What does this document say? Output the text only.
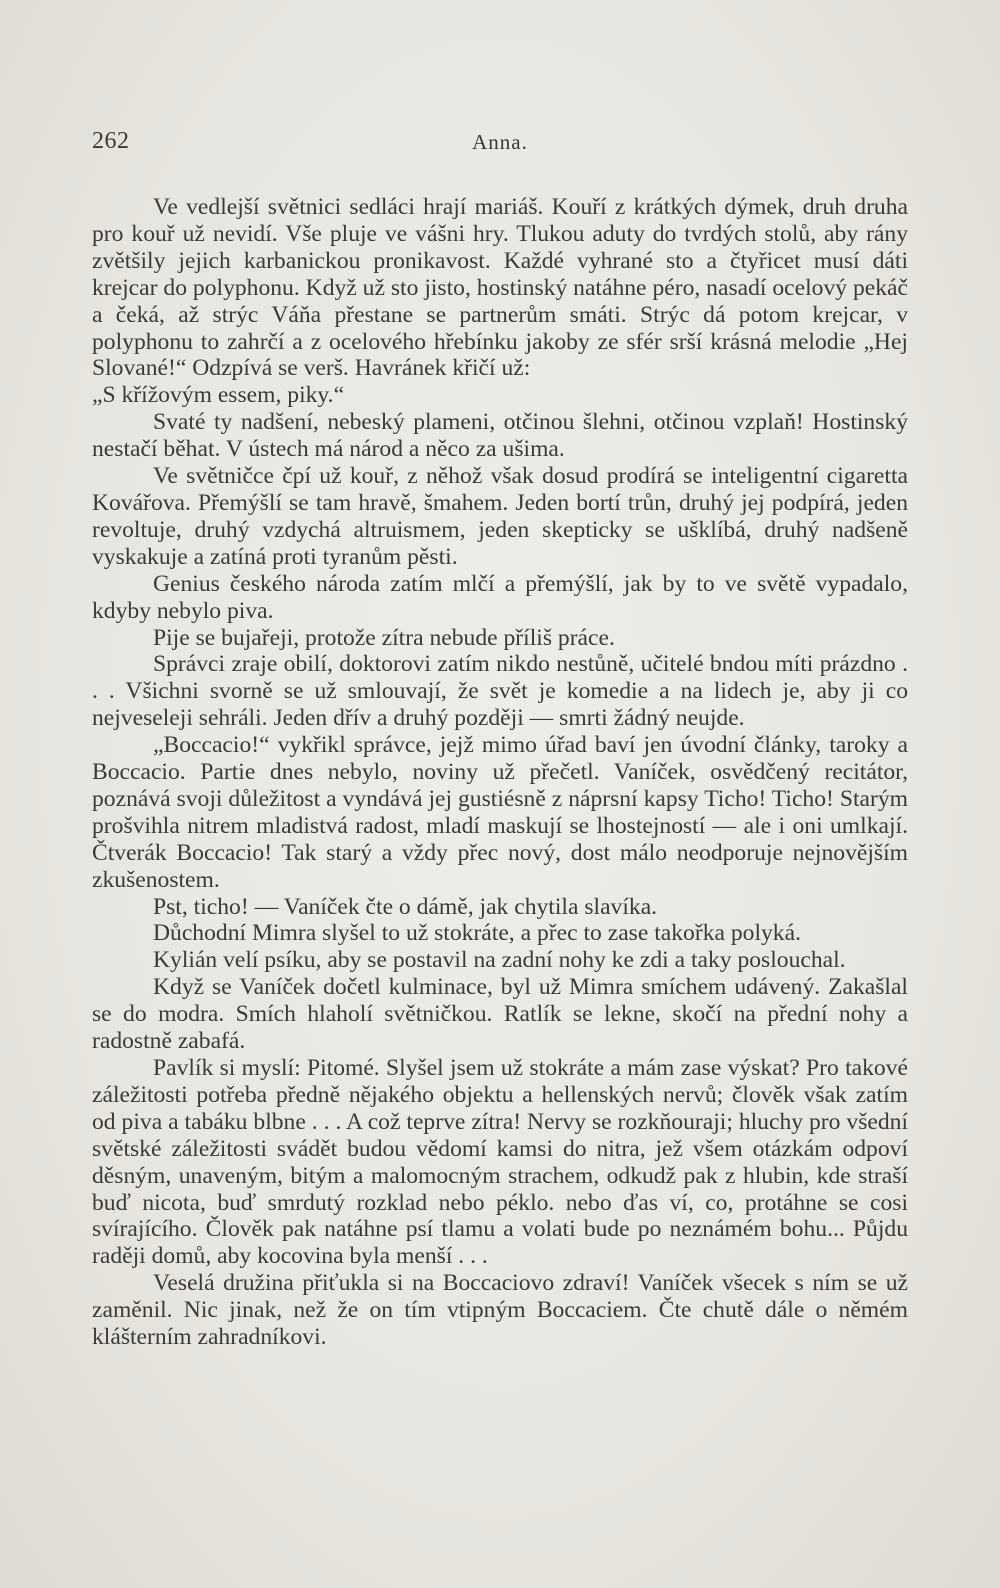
262	Anna.

Ve vedlejší světnici sedláci hrají mariáš. Kouří z krátkých dýmek, druh druha pro kouř už nevidí. Vše pluje ve vášni hry. Tlukou aduty do tvrdých stolů, aby rány zvětšily jejich karbanickou pronikavost. Každé vyhrané sto a čtyřicet musí dáti krejcar do polyphonu. Když už sto jisto, hostinský natáhne péro, nasadí ocelový pekáč a čeká, až strýc Váňa přestane se partnerům smáti. Strýc dá potom krejcar, v polyphonu to zahrčí a z ocelového hřebínku jakoby ze sfér srší krásná melodie „Hej Slované!“ Odzpívá se verš. Havránek křičí už:

„S křížovým essem, piky.“

Svaté ty nadšení, nebeský plameni, otčinou šlehni, otčinou vzplaň! Hostinský nestačí běhat. V ústech má národ a něco za ušima.

Ve světničce čpí už kouř, z něhož však dosud prodírá se inteligentní cigaretta Kovářova. Přemýšlí se tam hravě, šmahem. Jeden bortí trůn, druhý jej podpírá, jeden revoltuje, druhý vzdychá altruismem, jeden skepticky se ušklíbá, druhý nadšeně vyskakuje a zatíná proti tyranům pěsti.

Genius českého národa zatím mlčí a přemýšlí, jak by to ve světě vypadalo, kdyby nebylo piva.

Pije se bujařeji, protože zítra nebude příliš práce.

Správci zraje obilí, doktorovi zatím nikdo nestůně, učitelé bndou míti prázdno . . . Všichni svorně se už smlouvají, že svět je komedie a na lidech je, aby ji co nejveseleji sehráli. Jeden dřív a druhý později — smrti žádný neujde.

„Boccacio!“ vykřikl správce, jejž mimo úřad baví jen úvodní články, taroky a Boccacio. Partie dnes nebylo, noviny už přečetl. Vaníček, osvědčený recitátor, poznává svoji důležitost a vyndává jej gustiésně z náprsní kapsy Ticho! Ticho! Starým prošvihla nitrem mladistvá radost, mladí maskují se lhostejností — ale i oni umlkají. Čtverák Boccacio! Tak starý a vždy přec nový, dost málo neodporuje nejnovějším zkušenostem.

Pst, ticho! — Vaníček čte o dámě, jak chytila slavíka.

Důchodní Mimra slyšel to už stokráte, a přec to zase takořka polyká.

Kylián velí psíku, aby se postavil na zadní nohy ke zdi a taky poslouchal.

Když se Vaníček dočetl kulminace, byl už Mimra smíchem udávený. Zakašlal se do modra. Smích hlaholí světničkou. Ratlík se lekne, skočí na přední nohy a radostně zabafá.

Pavlík si myslí: Pitomé. Slyšel jsem už stokráte a mám zase výskat? Pro takové záležitosti potřeba předně nějakého objektu a hellenských nervů; člověk však zatím od piva a tabáku blbne . . . A což teprve zítra! Nervy se rozkňouraji; hluchy pro všední světské záležitosti svádět budou vědomí kamsi do nitra, jež všem otázkám odpoví děsným, unaveným, bitým a malomocným strachem, odkudž pak z hlubin, kde straší buď nicota, buď smrdutý rozklad nebo péklo. nebo ďas ví, co, protáhne se cosi svírajícího. Člověk pak natáhne psí tlamu a volati bude po neznámém bohu... Půjdu raději domů, aby kocovina byla menší . . .

Veselá družina přiťukla si na Boccaciovo zdraví! Vaníček všecek s ním se už zaměnil. Nic jinak, než že on tím vtipným Boccaciem. Čte chutě dále o němém klášterním zahradníkovi.
